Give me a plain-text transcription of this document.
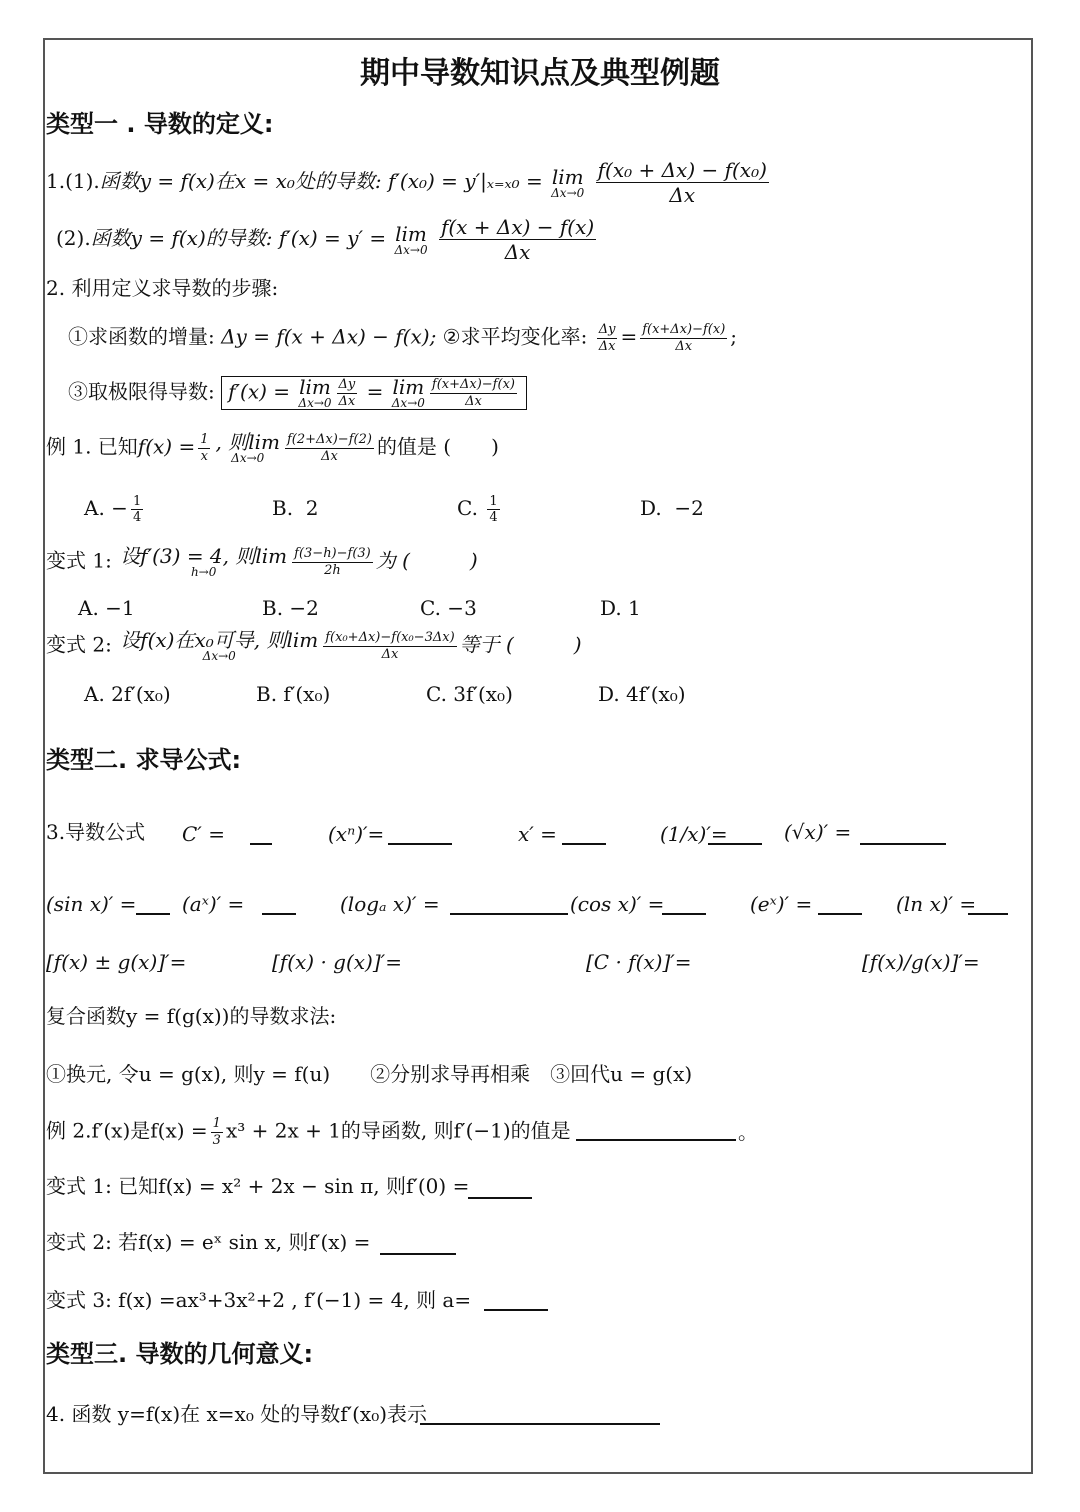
期中导数知识点及典型例题
类型一 . 导数的定义:
1.(1).函数y = f(x)在x = x₀处的导数: f′(x₀) = y′|ₓ₌ₓ₀ = lim
Δx→0
$\frac{\text{f(x₀ + Δx) − f(x₀)}}{\Delta x}$
(2).函数y = f(x)的导数: f′(x) = y′ = lim
Δx→0
$\frac{f(x + \Delta x) - f(x)}{\Delta x}$
2. 利用定义求导数的步骤:
①求函数的增量: Δy = f(x + Δx) − f(x); ②求平均变化率: $\frac{\Delta y}{\Delta x} = \frac{f(x+\Delta x)-f(x)}{\Delta x}$ ;
③取极限得导数: f′(x) = lim
$\Delta x\to 0 \frac{\Delta y}{\Delta x} = \lim$
$\Delta x\to 0 \frac{f(x+\Delta x)-f(x)}{\Delta x}$
例 1. 已知$f(x) = \frac{1}{x}$ , 则lim
Δx→0	$\frac{f(2+\Delta x)-f(2)}{\Delta x}$ 的值是 (　　)
A. − $\frac{1}{4}$	B. 2	C. $\frac{1}{4}$	D. −2
变式 1: 设f′(3) = 4, 则lim
h→0	$\frac{f(3-h)-f(3)}{2h}$ 为 (　　　)
A. −1	B. −2	C. −3	D. 1
变式 2: 设f(x)在x₀可导, 则lim
Δx→0	$\frac{\text{f(x₀+Δx)−f(x₀−3Δx)}}{\Delta x}$ 等于 (　　　)
A. 2f′(x₀)	B. f′(x₀)	C. 3f′(x₀)	D. 4f′(x₀)
类型二. 求导公式:
3.导数公式 C′ =	(xⁿ)′=	x′ =	(1/x)′=	(√x)′ =
(sin x)′ = (aˣ)′ =	(logₐ x)′ =	(cos x)′ =	(eˣ)′ =	(ln x)′ =
[f(x) ± g(x)]′=	[f(x) · g(x)]′=	[C · f(x)]′=	[f(x)/g(x)]′=
复合函数y = f(g(x))的导数求法:
①换元, 令u = g(x), 则y = f(u)　　②分别求导再相乘　③回代u = g(x)
例 2.f′(x)是$f(x) = \frac{1}{3} x^3 + 2x + 1$的导函数, 则f′(−1)的值是	。
变式 1: 已知f(x) = x² + 2x − sin π, 则f′(0) =
变式 2: 若f(x) = eˣ sin x, 则f′(x) =
变式 3: f(x) =ax³+3x²+2 , f′(−1) = 4, 则 a=
类型三. 导数的几何意义:
4. 函数 y=f(x)在 x=x₀ 处的导数f′(x₀)表示
